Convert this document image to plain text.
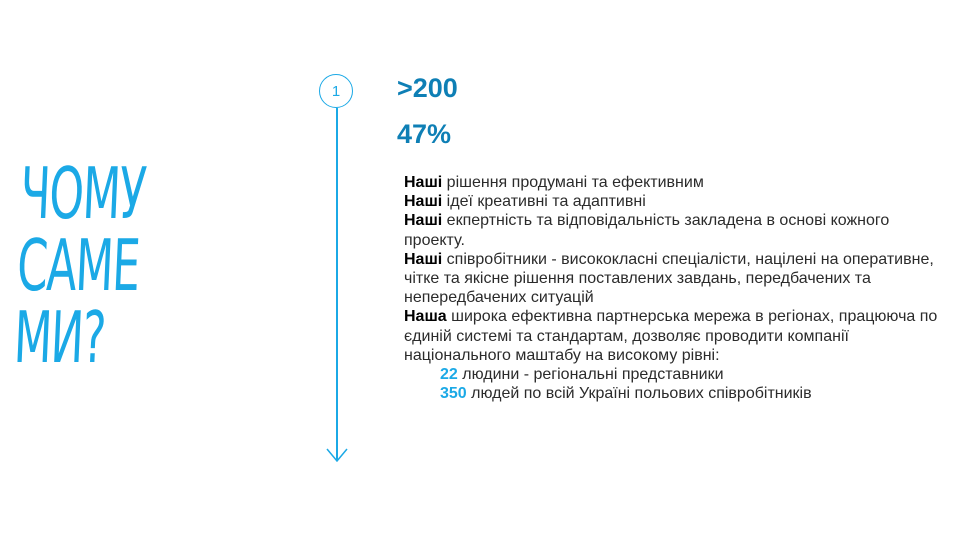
ЧОМУ
САМЕ
МИ?
1 >200

47%

Наші рішення продумані та ефективним

Наші ідеї креативні та адаптивні

Наші екпертність та відповідальність закладена в основі кожного проекту.

Наші співробітники - висококласні спеціалісти, націлені на оперативне, чітке та якісне рішення поставлених завдань, передбачених та непередбачених ситуацій

Наша широка ефективна партнерська мережа в регіонах, працююча по єдиній системі та стандартам, дозволяє проводити компанії національного маштабу на високому рівні:

22 людини - регіональні представники

350 людей по всій Україні польових співробітників
